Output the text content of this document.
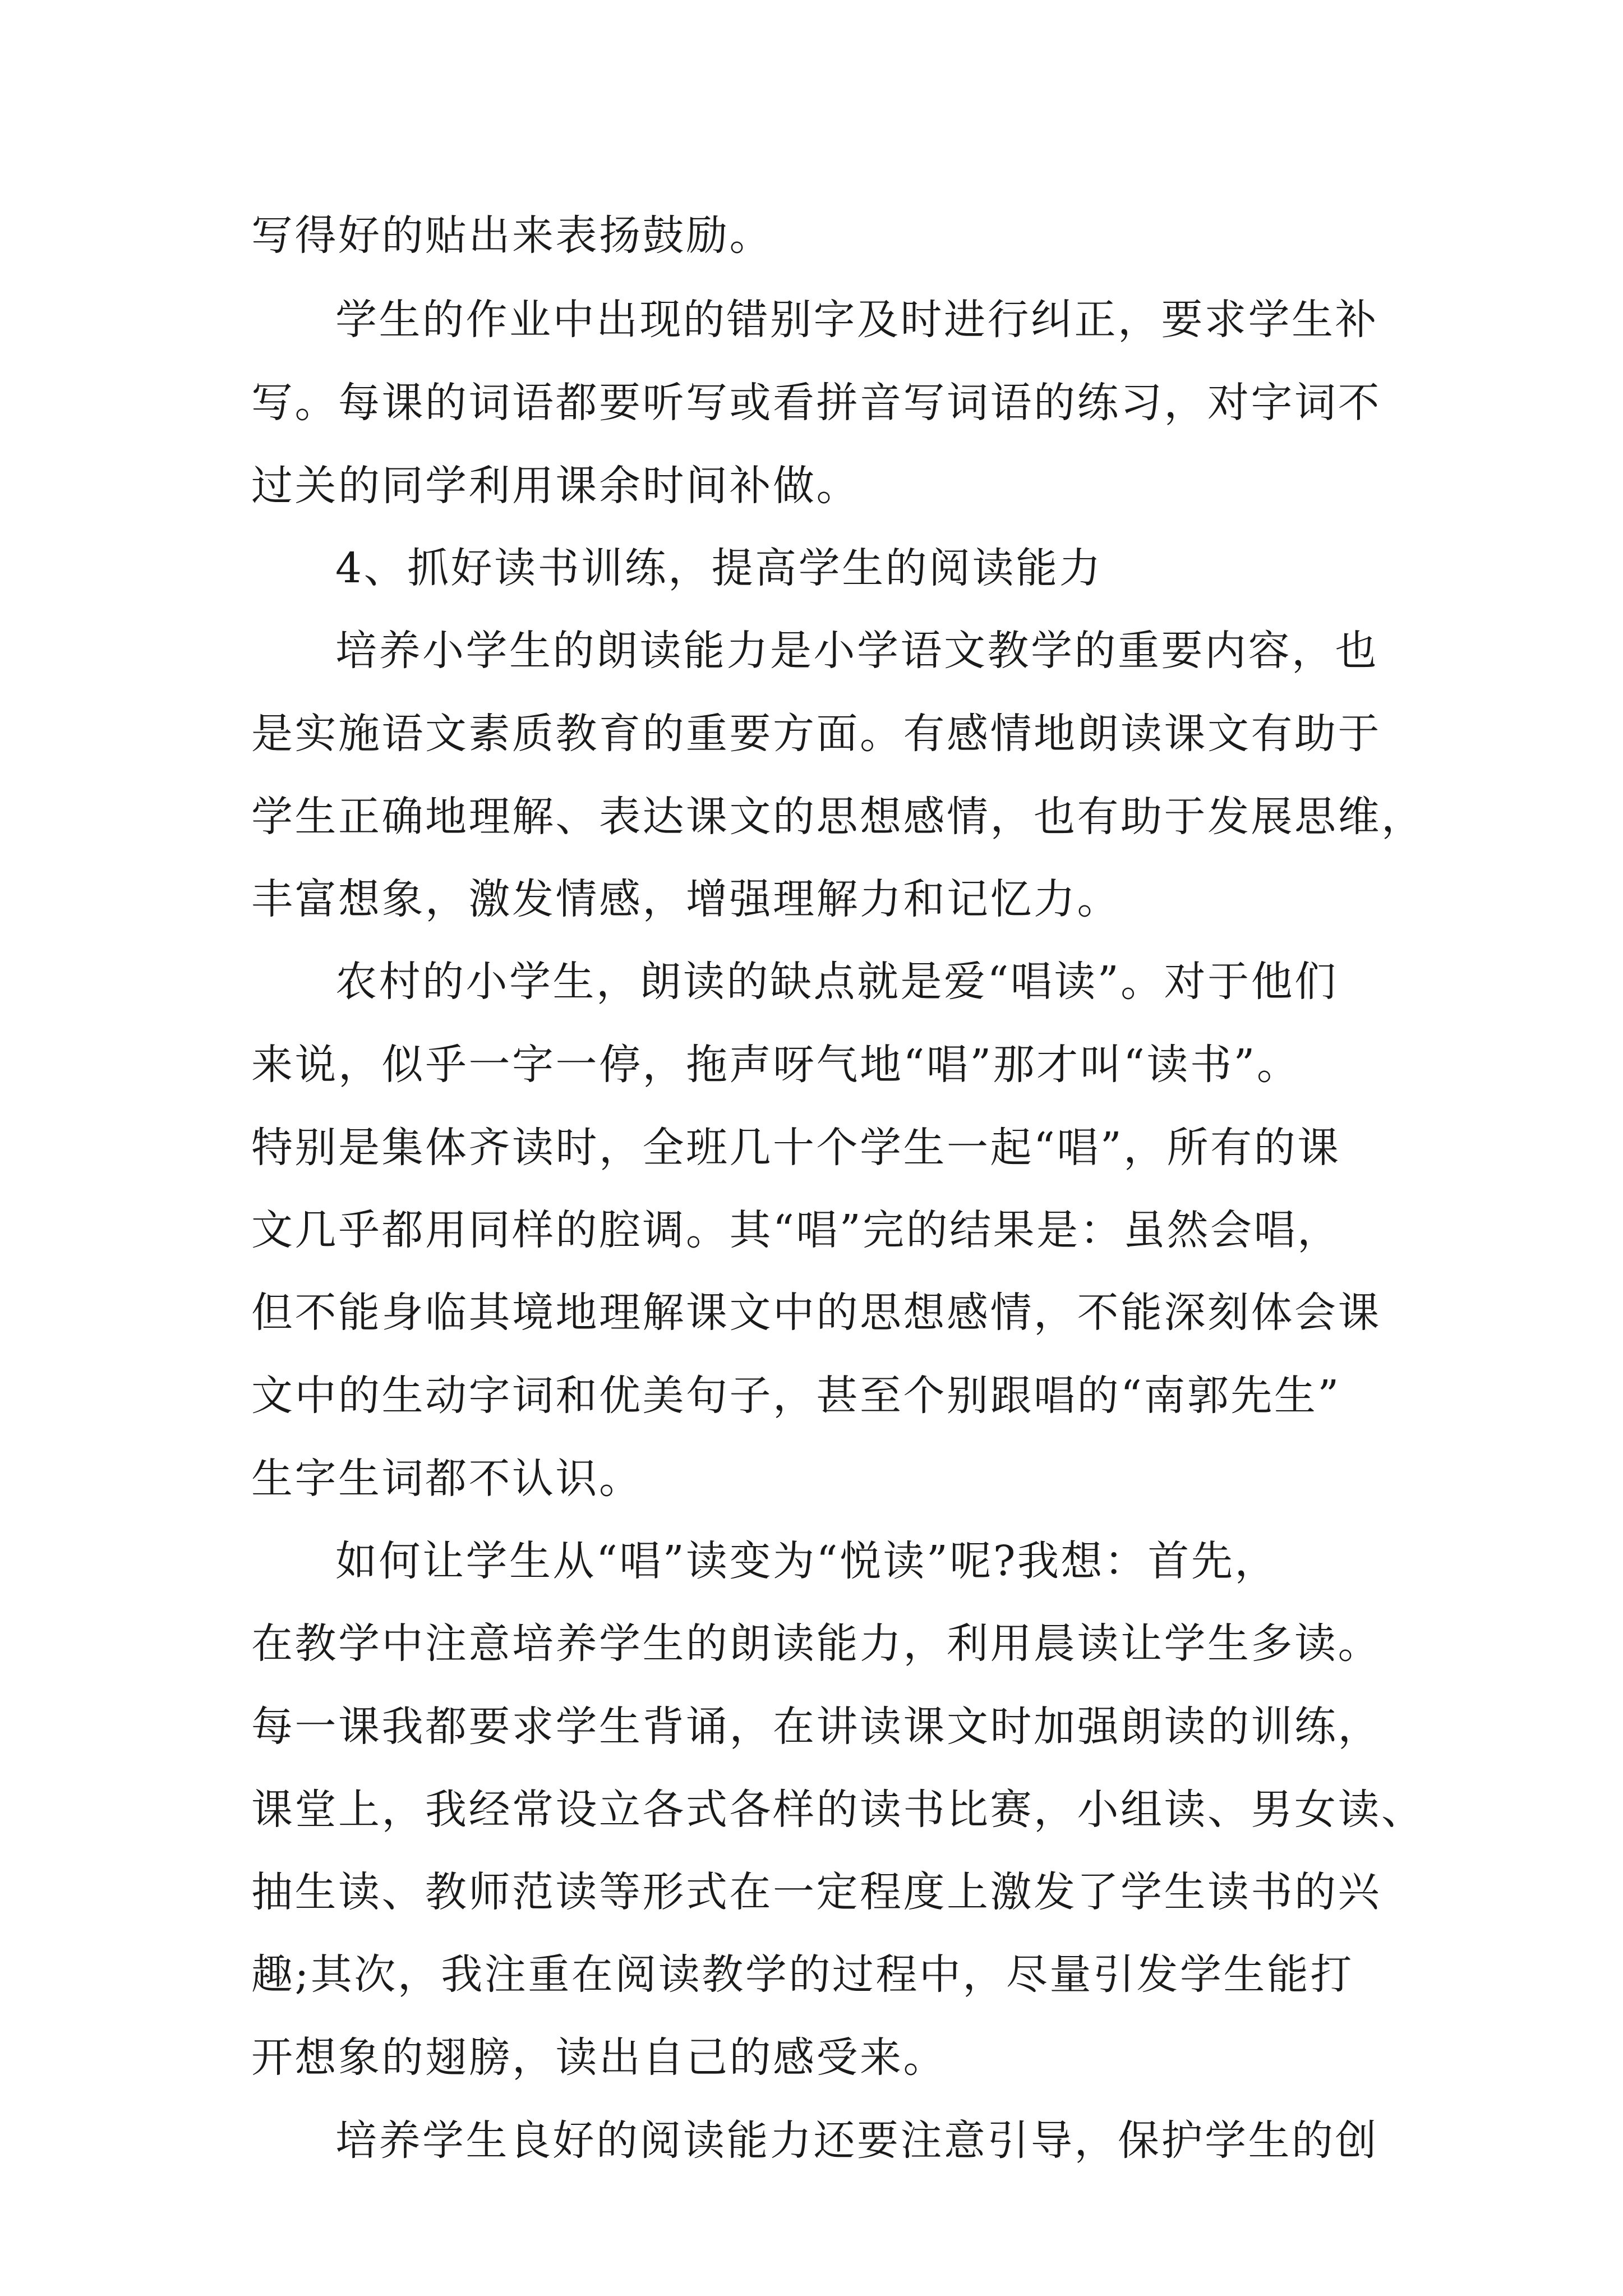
写得好的贴出来表扬鼓励。
学生的作业中出现的错别字及时进行纠正，要求学生补
写。每课的词语都要听写或看拼音写词语的练习，对字词不
过关的同学利用课余时间补做。
4、抓好读书训练，提高学生的阅读能力
培养小学生的朗读能力是小学语文教学的重要内容，也
是实施语文素质教育的重要方面。有感情地朗读课文有助于
学生正确地理解、表达课文的思想感情，也有助于发展思维，
丰富想象，激发情感，增强理解力和记忆力。
农村的小学生，朗读的缺点就是爱“唱读”。对于他们
来说，似乎一字一停，拖声呀气地“唱”那才叫“读书”。
特别是集体齐读时，全班几十个学生一起“唱”，所有的课
文几乎都用同样的腔调。其“唱”完的结果是：虽然会唱，
但不能身临其境地理解课文中的思想感情，不能深刻体会课
文中的生动字词和优美句子，甚至个别跟唱的“南郭先生”
生字生词都不认识。
如何让学生从“唱”读变为“悦读”呢?我想：首先，
在教学中注意培养学生的朗读能力，利用晨读让学生多读。
每一课我都要求学生背诵，在讲读课文时加强朗读的训练，
课堂上，我经常设立各式各样的读书比赛，小组读、男女读、
抽生读、教师范读等形式在一定程度上激发了学生读书的兴
趣;其次，我注重在阅读教学的过程中，尽量引发学生能打
开想象的翅膀，读出自己的感受来。
培养学生良好的阅读能力还要注意引导，保护学生的创
